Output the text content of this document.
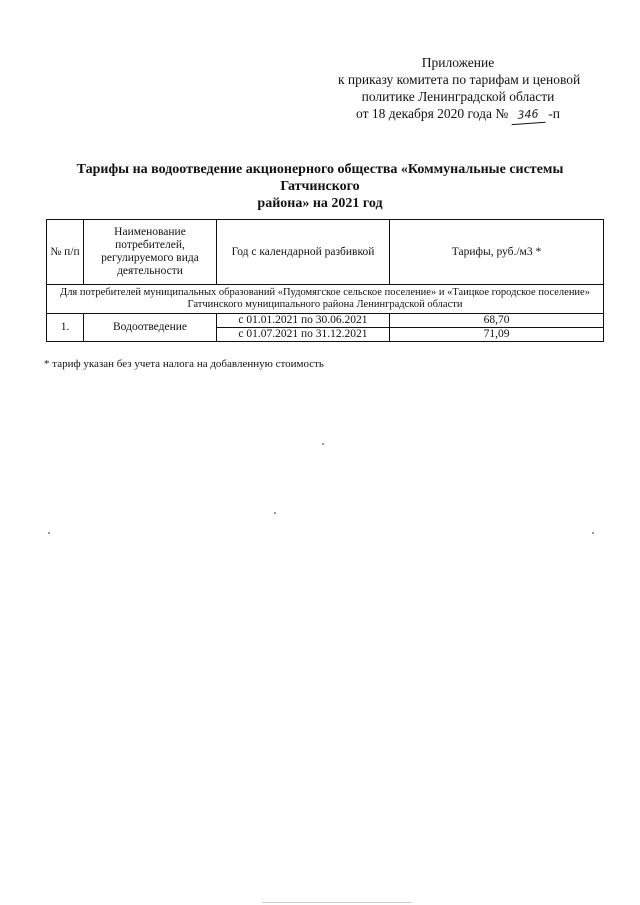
Приложение
к приказу комитета по тарифам и ценовой
политике Ленинградской области
от 18 декабря 2020 года № 346 -п
Тарифы на водоотведение акционерного общества «Коммунальные системы Гатчинского
района» на 2021 год
№ п/п	Наименование потребителей, регулируемого вида деятельности	Год с календарной разбивкой	Тарифы, руб./м3 *
Для потребителей муниципальных образований «Пудомягское сельское поселение» и «Таицкое городское поселение» Гатчинского муниципального района Ленинградской области			
1.	Водоотведение	с 01.01.2021 по 30.06.2021	68,70
		с 01.07.2021 по 31.12.2021	71,09
* тариф указан без учета налога на добавленную стоимость
